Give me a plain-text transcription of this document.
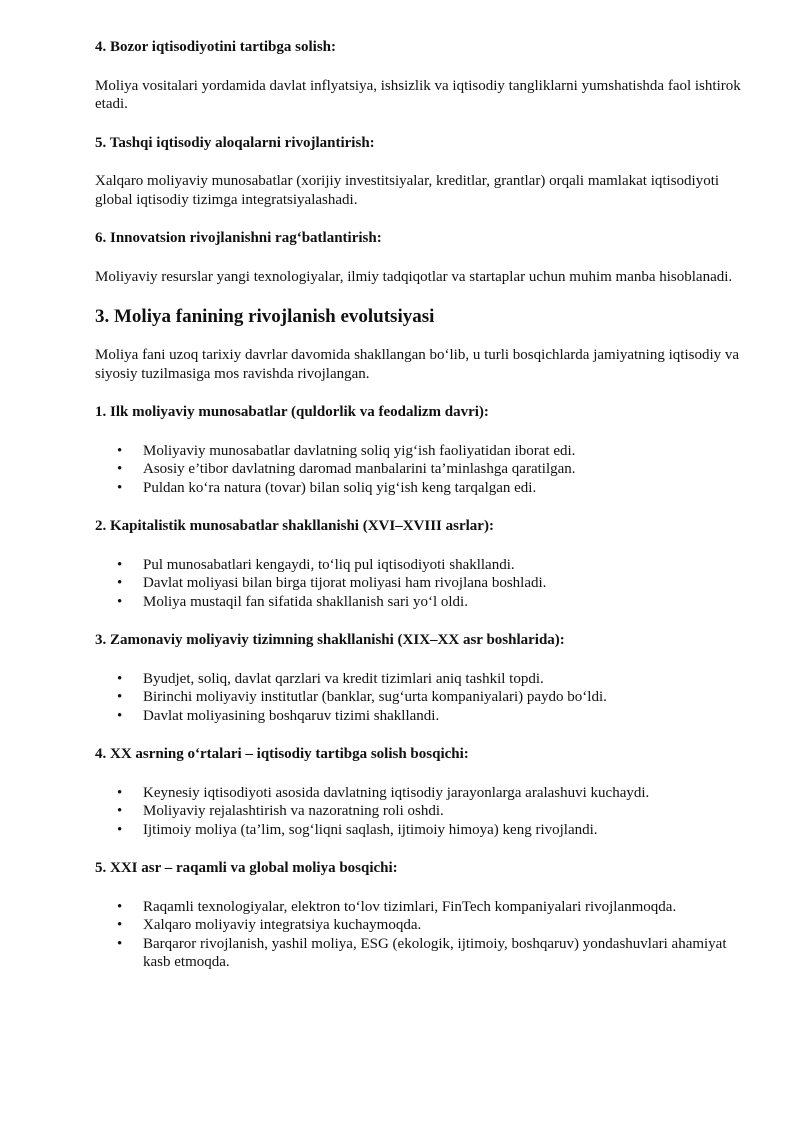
4. Bozor iqtisodiyotini tartibga solish:

Moliya vositalari yordamida davlat inflyatsiya, ishsizlik va iqtisodiy tangliklarni yumshatishda faol ishtirok etadi.

5. Tashqi iqtisodiy aloqalarni rivojlantirish:

Xalqaro moliyaviy munosabatlar (xorijiy investitsiyalar, kreditlar, grantlar) orqali mamlakat iqtisodiyoti global iqtisodiy tizimga integratsiyalashadi.

6. Innovatsion rivojlanishni rag‘batlantirish:

Moliyaviy resurslar yangi texnologiyalar, ilmiy tadqiqotlar va startaplar uchun muhim manba hisoblanadi.

3. Moliya fanining rivojlanish evolutsiyasi

Moliya fani uzoq tarixiy davrlar davomida shakllangan bo‘lib, u turli bosqichlarda jamiyatning iqtisodiy va siyosiy tuzilmasiga mos ravishda rivojlangan.

1. Ilk moliyaviy munosabatlar (quldorlik va feodalizm davri):

• Moliyaviy munosabatlar davlatning soliq yig‘ish faoliyatidan iborat edi.
• Asosiy e’tibor davlatning daromad manbalarini ta’minlashga qaratilgan.
• Puldan ko‘ra natura (tovar) bilan soliq yig‘ish keng tarqalgan edi.

2. Kapitalistik munosabatlar shakllanishi (XVI–XVIII asrlar):

• Pul munosabatlari kengaydi, to‘liq pul iqtisodiyoti shakllandi.
• Davlat moliyasi bilan birga tijorat moliyasi ham rivojlana boshladi.
• Moliya mustaqil fan sifatida shakllanish sari yo‘l oldi.

3. Zamonaviy moliyaviy tizimning shakllanishi (XIX–XX asr boshlarida):

• Byudjet, soliq, davlat qarzlari va kredit tizimlari aniq tashkil topdi.
• Birinchi moliyaviy institutlar (banklar, sug‘urta kompaniyalari) paydo bo‘ldi.
• Davlat moliyasining boshqaruv tizimi shakllandi.

4. XX asrning o‘rtalari – iqtisodiy tartibga solish bosqichi:

• Keynesiy iqtisodiyoti asosida davlatning iqtisodiy jarayonlarga aralashuvi kuchaydi.
• Moliyaviy rejalashtirish va nazoratning roli oshdi.
• Ijtimoiy moliya (ta’lim, sog‘liqni saqlash, ijtimoiy himoya) keng rivojlandi.

5. XXI asr – raqamli va global moliya bosqichi:

• Raqamli texnologiyalar, elektron to‘lov tizimlari, FinTech kompaniyalari rivojlanmoqda.
• Xalqaro moliyaviy integratsiya kuchaymoqda.
• Barqaror rivojlanish, yashil moliya, ESG (ekologik, ijtimoiy, boshqaruv) yondashuvlari ahamiyat kasb etmoqda.
